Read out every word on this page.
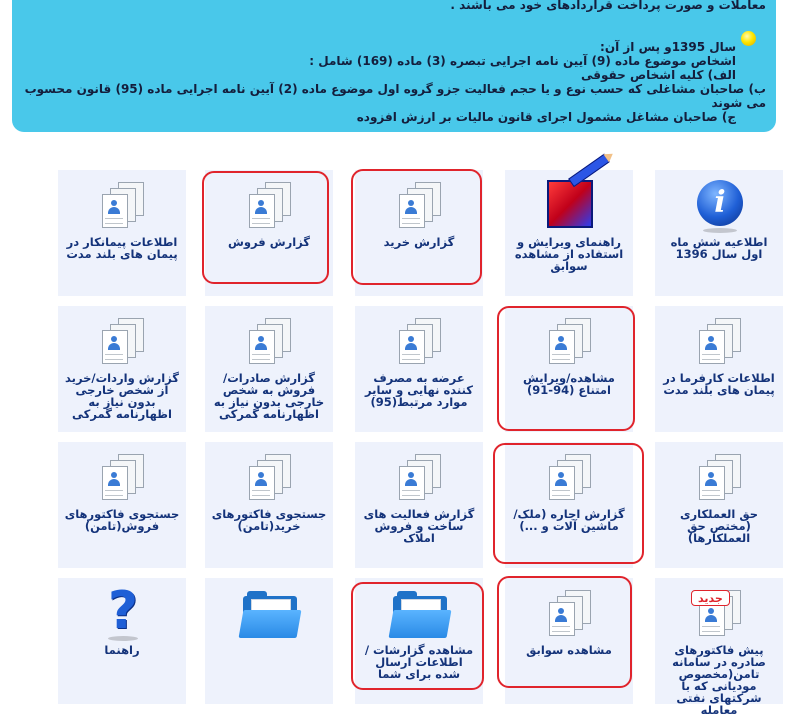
معاملات و صورت پرداخت قراردادهای خود می باشند .
سال 1395و پس از آن:
اشخاص موضوع ماده (9) آیین نامه اجرایی تبصره (3) ماده (169) شامل :
الف) کلیه اشخاص حقوقی
ب) صاحبان مشاغلی که حسب نوع و یا حجم فعالیت جزو گروه اول موضوع ماده (2) آیین نامه اجرایی ماده (95) قانون محسوب می شوند
ج) صاحبان مشاغل مشمول اجرای قانون مالیات بر ارزش افزوده
i
اطلاعیه شش ماه اول سال 1396
راهنمای ویرایش و استفاده از مشاهده سوابق
گزارش خرید
گزارش فروش
اطلاعات پیمانکار در پیمان های بلند مدت
اطلاعات کارفرما در پیمان های بلند مدت
مشاهده/ویرایش امتناع (94-91)
عرضه به مصرف کننده نهایی و سایر موارد مرتبط(95)
گزارش صادرات/فروش به شخص خارجی بدون نیاز به اظهارنامه گمرکی
گزارش واردات/خرید از شخص خارجی بدون نیاز به اظهارنامه گمرکی
حق العملکاری (مختص حق العملکارها)
گزارش اجاره (ملک/ماشین آلات و ...)
گزارش فعالیت های ساخت و فروش املاک
جستجوی فاکتورهای خرید(تامن)
جستجوی فاکتورهای فروش(تامن)
جدید
پیش فاکتورهای صادره در سامانه تامن(مخصوص مودیانی که با شرکتهای نفتی معامله
مشاهده سوابق
مشاهده گزارشات /اطلاعات ارسال شده برای شما
?
راهنما
